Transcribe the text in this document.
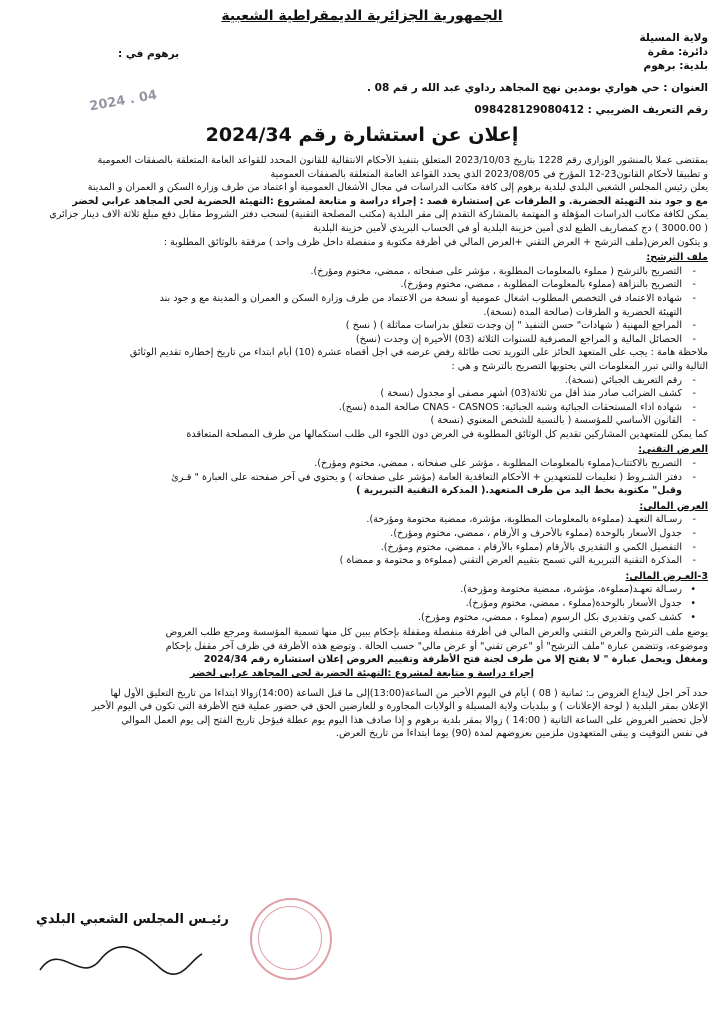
الجمهورية الجزائرية الديمقراطية الشعبية
ولاية المسيلة
دائرة: مقرة
بلدية: برهوم
برهوم في :
العنوان : حي هواري بومدين نهج المجاهد رداوي عبد الله ر قم 08 .
رقم التعريف الضريبي : 098428129080412
2024 . 04
إعلان عن استشارة رقم 2024/34

بمقتضى عملا بالمنشور الوزاري رقم 1228 بتاريخ 2023/10/03 المتعلق بتنفيذ الأحكام الانتقالية للقانون المحدد للقواعد العامة المتعلقة بالصفقات العمومية

و تطبيقا لأحكام القانون23-12 المؤرخ في 2023/08/05 الذي يحدد القواعد العامة المتعلقة بالصفقات العمومية

يعلن رئيس المجلس الشعبي البلدي لبلدية برهوم إلى كافة مكاتب الدراسات في مجال الأشغال العمومية أو اعتماد من طرف وزارة السكن و العمران و المدينة

مع و جود بند التهيئة الحضرية. و الطرقات عن إستشارة قصد : إجراء دراسة و متابعة لمشروع :التهيئة الحضرية لحي المجاهد غرابي لخضر

يمكن لكافة مكاتب الدراسات المؤهلة و المهتمة بالمشاركة التقدم إلى مقر البلدية (مكتب المصلحة التقنية) لسحب دفتر الشروط مقابل دفع مبلغ ثلاثة الاف دينار جزائري

( 3000.00 ) دج كمصاريف الطبع لدى أمين خزينة البلدية أو في الحساب البريدي لأمين خزينة البلدية

و يتكون العرض(ملف الترشح + العرض التقني +العرض المالي في أظرفة مكتوبة و منفصلة داخل ظرف واحد ) مرفقة بالوثائق المطلوبة :

ملف الترشح:

- التصريح بالترشح ( مملوء بالمعلومات المطلوبة ، مؤشر على صفحاته ، ممضي، مختوم ومؤرخ).

- التصريح بالنزاهة (مملوء بالمعلومات المطلوبة ، ممضي، مختوم ومؤرخ).

- شهادة الاعتماد في التخصص المطلوب اشغال عمومية أو نسخة من الاعتماد من طرف وزارة السكن و العمران و المدينة مع و جود بند

التهيئة الحضرية و الطرقات (صالحة المدة (نسخة).

- المراجع المهنية ( شهادات" حسن التنفيذ " إن وجدت تتعلق بدراسات مماثلة ) ( نسخ )

- الحصائل المالية و المراجع المصرفية للسنوات الثلاثة (03) الأخيرة إن وجدت (نسخ)

ملاحظة هامة : يجب على المتعهد الحائز على التوريد تحت طائلة رفض عرضه في اجل أقصاه عشرة (10) أيام ابتداء من تاريخ إخطاره تقديم الوثائق

التالية والتي تبرر المعلومات التي يحتويها التصريح بالترشح و هي :

- رقم التعريف الجبائي (نسخة).

- كشف الضرائب صادر منذ أقل من ثلاثة(03) أشهر مصفى أو مجدول (نسخة )

- شهادة اداء المستحقات الجبائية وشبه الجبائية: CNAS - CASNOS صالحة المدة (نسخ).

- القانون الأساسي للمؤسسة ( بالنسبة للشخص المعنوي (نسخة )

كما يمكن للمتعهدين المشاركين تقديم كل الوثائق المطلوبة في العرض دون اللجوء الى طلب استكمالها من طرف المصلحة المتعاقدة

العرض التقني:

- التصريح بالاكتتاب(مملوء بالمعلومات المطلوبة ، مؤشر على صفحاته ، ممضي، مختوم ومؤرخ).

- دفتر الشـروط ( تعليمات للمتعهدين + الأحكام التعاقدية العامة (مؤشر على صفحاته ) و يحتوي في آخر صفحته على العبارة " قـرئ

وقبل" مكتوبة بخط اليد من طرف المتعهد.( المذكرة التقنية التبريرية )

العرض المالي:

- رسـالة التعهـد (مملوءة بالمعلومات المطلوبة، مؤشرة، ممضية مختومة ومؤرخة).

- جدول الأسعار بالوحدة (مملوء بالأحرف و الأرقام ، ممضي، مختوم ومؤرخ).

- التفصيل الكمي و التقديري بالأرقام (مملوء بالأرقام ، ممضي، مختوم ومؤرخ).

- المذكرة التقنية التبريرية التي تسمح بتقييم العرض التقني (مملوءة و مختومة و ممضاة )

3-العـرض المالي:

• رسـالة تعهـد(مملوءة، مؤشرة، ممضية مختومة ومؤرخة).

• جدول الأسعار بالوحدة(مملوء ، ممضي، مختوم ومؤرخ).

• كشف كمي وتقديري بكل الرسوم (مملوء ، ممضي، مختوم ومؤرخ).

يوضع ملف الترشح والعرض التقني والعرض المالي في أظرفة منفصلة ومقفلة بإحكام يبين كل منها تسمية المؤسسة ومرجع طلب العروض

وموضوعه، وتتضمن عبارة "ملف الترشح" أو "عرض تقني" أو عرض مالي" حسب الحالة . وتوضع هذه الأظرفة في ظرف آخر مقفل بإحكام

ومغفل ويحمل عبارة " لا يفتح إلا من طرف لجنة فتح الأظرفة وتقييم العروض إعلان استشارة رقم 2024/34

إجراء دراسة و متابعة لمشروع :التهيئة الحضرية لحي المجاهد غرابي لخضر

حدد آخر اجل لإيداع العروض بـ: ثمانية ( 08 ) أيام في اليوم الأخير من الساعة(13:00)إلى ما قبل الساعة (14:00)زوالا ابتداءا من تاريخ التعليق الأول لها

الإعلان بمقر البلدية ( لوحة الإعلانات ) و ببلديات ولاية المسيلة و الولايات المجاورة و للعارضين الحق في حضور عملية فتح الأظرفة التي تكون في اليوم الأخير

لأجل تحضير العروض على الساعة الثانية ( 14:00 ) زوالا بمقر بلدية برهوم و إذا صادف هذا اليوم يوم عطلة فيؤجل تاريخ الفتح إلى يوم العمل الموالي

في نفس التوقيت و يبقى المتعهدون ملزمين بعروضهم لمدة (90) يوما ابتداءا من تاريخ العرض.

رئيـس المجلس الشعبي البلدي
